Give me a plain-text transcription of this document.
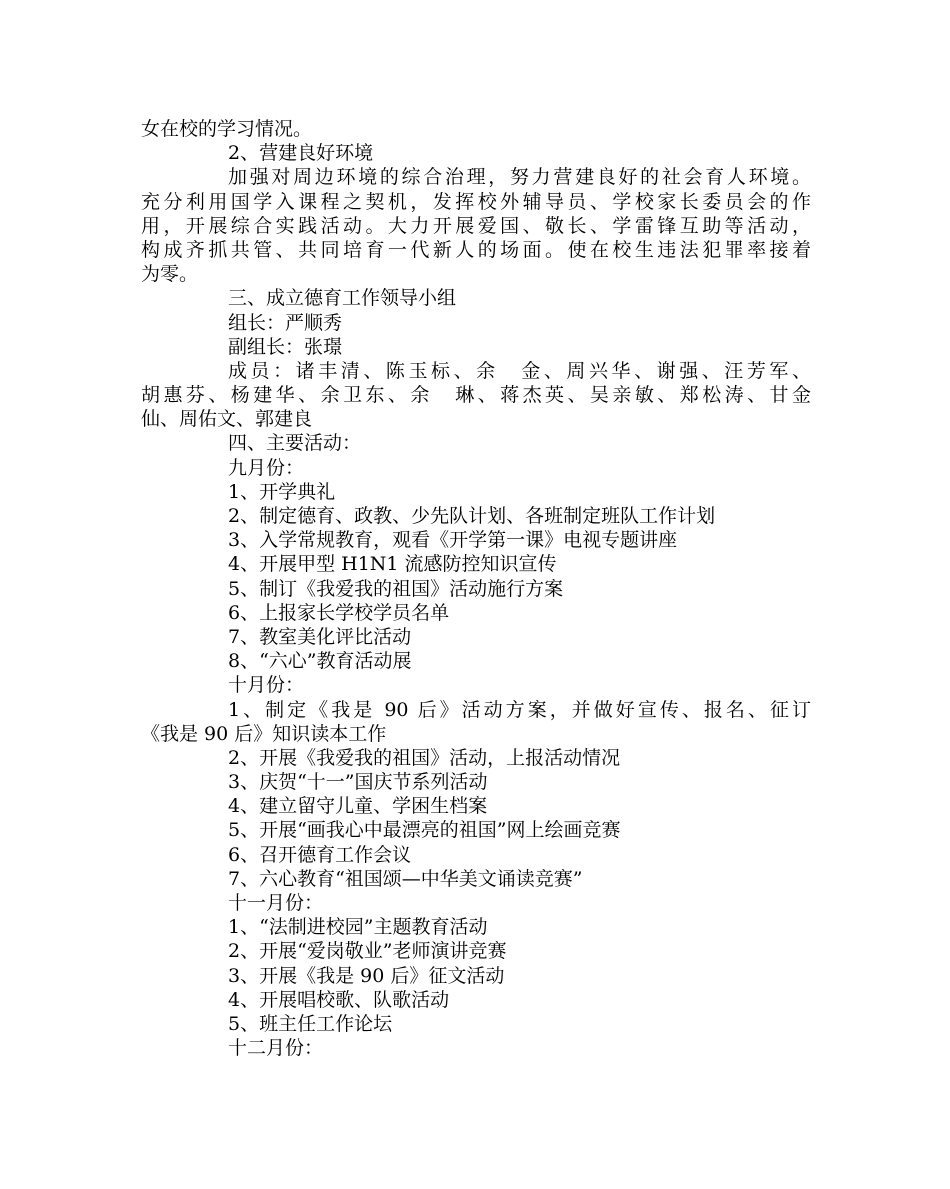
女在校的学习情况。
2、营建良好环境
加强对周边环境的综合治理，努力营建良好的社会育人环境。
充分利用国学入课程之契机，发挥校外辅导员、学校家长委员会的作
用，开展综合实践活动。大力开展爱国、敬长、学雷锋互助等活动，
构成齐抓共管、共同培育一代新人的场面。使在校生违法犯罪率接着
为零。
三、成立德育工作领导小组
组长：严顺秀
副组长：张璟
成员：诸丰清、陈玉标、余　金、周兴华、谢强、汪芳军、
胡惠芬、杨建华、余卫东、余　琳、蒋杰英、吴亲敏、郑松涛、甘金
仙、周佑文、郭建良
四、主要活动：
九月份：
1、开学典礼
2、制定德育、政教、少先队计划、各班制定班队工作计划
3、入学常规教育，观看《开学第一课》电视专题讲座
4、开展甲型 H1N1 流感防控知识宣传
5、制订《我爱我的祖国》活动施行方案
6、上报家长学校学员名单
7、教室美化评比活动
8、“六心”教育活动展
十月份：
1、制定《我是 90 后》活动方案，并做好宣传、报名、征订
《我是 90 后》知识读本工作
2、开展《我爱我的祖国》活动，上报活动情况
3、庆贺“十一”国庆节系列活动
4、建立留守儿童、学困生档案
5、开展“画我心中最漂亮的祖国”网上绘画竞赛
6、召开德育工作会议
7、六心教育“祖国颂—中华美文诵读竞赛”
十一月份：
1、“法制进校园”主题教育活动
2、开展“爱岗敬业”老师演讲竞赛
3、开展《我是 90 后》征文活动
4、开展唱校歌、队歌活动
5、班主任工作论坛
十二月份：
